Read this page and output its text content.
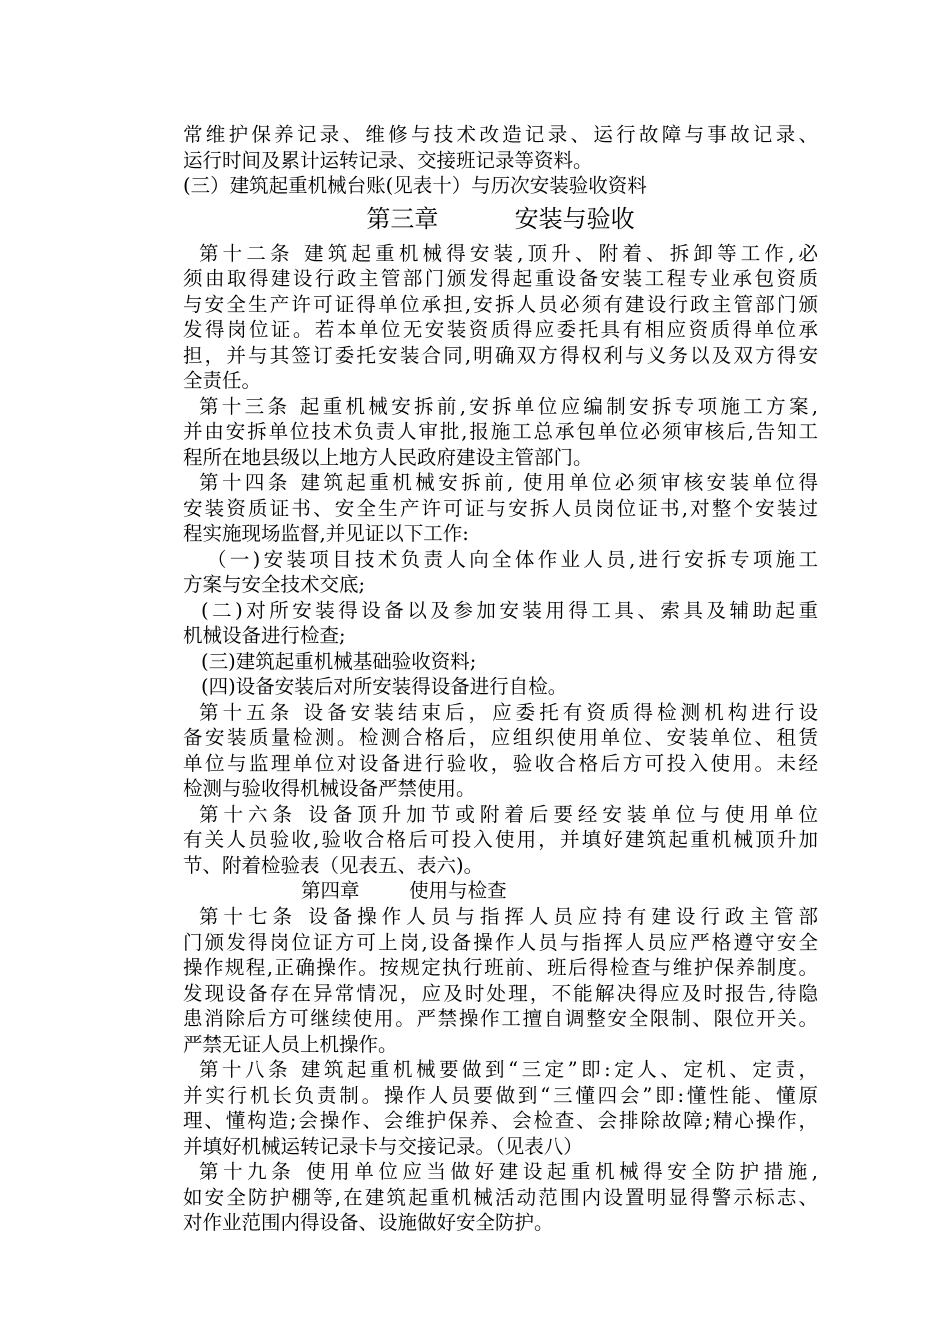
常维护保养记录、维修与技术改造记录、运行故障与事故记录、
运行时间及累计运转记录、交接班记录等资料。
(三）建筑起重机械台账(见表十）与历次安装验收资料
第三章          安装与验收
第十二条 建筑起重机械得安装,顶升、附着、拆卸等工作,必
须由取得建设行政主管部门颁发得起重设备安装工程专业承包资质
与安全生产许可证得单位承担,安拆人员必须有建设行政主管部门颁
发得岗位证。若本单位无安装资质得应委托具有相应资质得单位承
担，并与其签订委托安装合同,明确双方得权利与义务以及双方得安
全责任。
第十三条 起重机械安拆前,安拆单位应编制安拆专项施工方案,
并由安拆单位技术负责人审批,报施工总承包单位必须审核后,告知工
程所在地县级以上地方人民政府建设主管部门。
第十四条 建筑起重机械安拆前, 使用单位必须审核安装单位得
安装资质证书、安全生产许可证与安拆人员岗位证书,对整个安装过
程实施现场监督,并见证以下工作:
（一)安装项目技术负责人向全体作业人员,进行安拆专项施工
方案与安全技术交底;
(二)对所安装得设备以及参加安装用得工具、索具及辅助起重
机械设备进行检查;
(三)建筑起重机械基础验收资料;
(四)设备安装后对所安装得设备进行自检。
第十五条 设备安装结束后，应委托有资质得检测机构进行设
备安装质量检测。检测合格后，应组织使用单位、安装单位、租赁
单位与监理单位对设备进行验收，验收合格后方可投入使用。未经
检测与验收得机械设备严禁使用。
第十六条 设备顶升加节或附着后要经安装单位与使用单位
有关人员验收,验收合格后可投入使用，并填好建筑起重机械顶升加
节、附着检验表（见表五、表六)。
第四章        使用与检查
第十七条 设备操作人员与指挥人员应持有建设行政主管部
门颁发得岗位证方可上岗,设备操作人员与指挥人员应严格遵守安全
操作规程,正确操作。按规定执行班前、班后得检查与维护保养制度。
发现设备存在异常情况，应及时处理，不能解决得应及时报告,待隐
患消除后方可继续使用。严禁操作工擅自调整安全限制、限位开关。
严禁无证人员上机操作。
第十八条 建筑起重机械要做到“三定”即:定人、定机、定责，
并实行机长负责制。操作人员要做到“三懂四会”即:懂性能、懂原
理、懂构造;会操作、会维护保养、会检查、会排除故障;精心操作，
并填好机械运转记录卡与交接记录。（见表八）
第十九条 使用单位应当做好建设起重机械得安全防护措施,
如安全防护棚等,在建筑起重机械活动范围内设置明显得警示标志、
对作业范围内得设备、设施做好安全防护。
